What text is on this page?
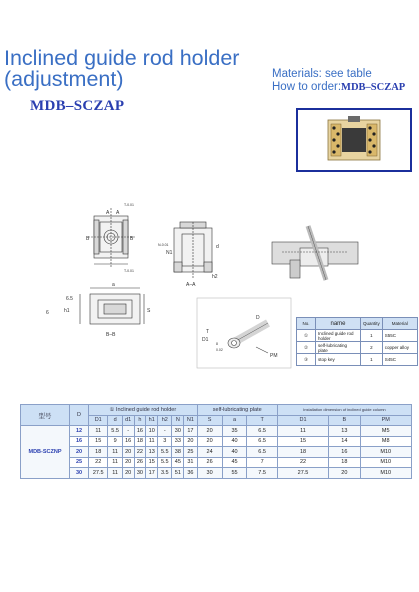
Inclined guide rod holder
(adjustment)
MDB–SCZAP
Materials: see table
How to order:MDB–SCZAP
A A
T-0.01
B	B
T-0.01
N-0.01
N1
d
h2
A–A
a
6.5
h1
6
B–B
S
D
D1
T
PM
8
0.02
No.	name	Quantity	Material
①	Inclined guide rod holder	1	S55C
②	self-lubricating plate	2	copper alloy
③	stop key	1	S45C
型号	D	① Inclined guide rod holder								self-lubricating plate			Installation dimension of inclined guide column		
		D1	d	d1	h	h1	h2	N	N1	S	a	T	D1	B	PM
MDB-SCZNP	12	11	5.5	-	16	10	-	30	17	20	35	6.5	11	13	M5
	16	15	9	16	18	11	3	33	20	20	40	6.5	15	14	M8
	20	18	11	20	22	13	5.5	38	25	24	40	6.5	18	16	M10
	25	22	11	20	26	15	5.5	45	31	26	45	7	22	18	M10
	30	27.5	11	20	30	17	3.5	51	36	30	55	7.5	27.5	20	M10
